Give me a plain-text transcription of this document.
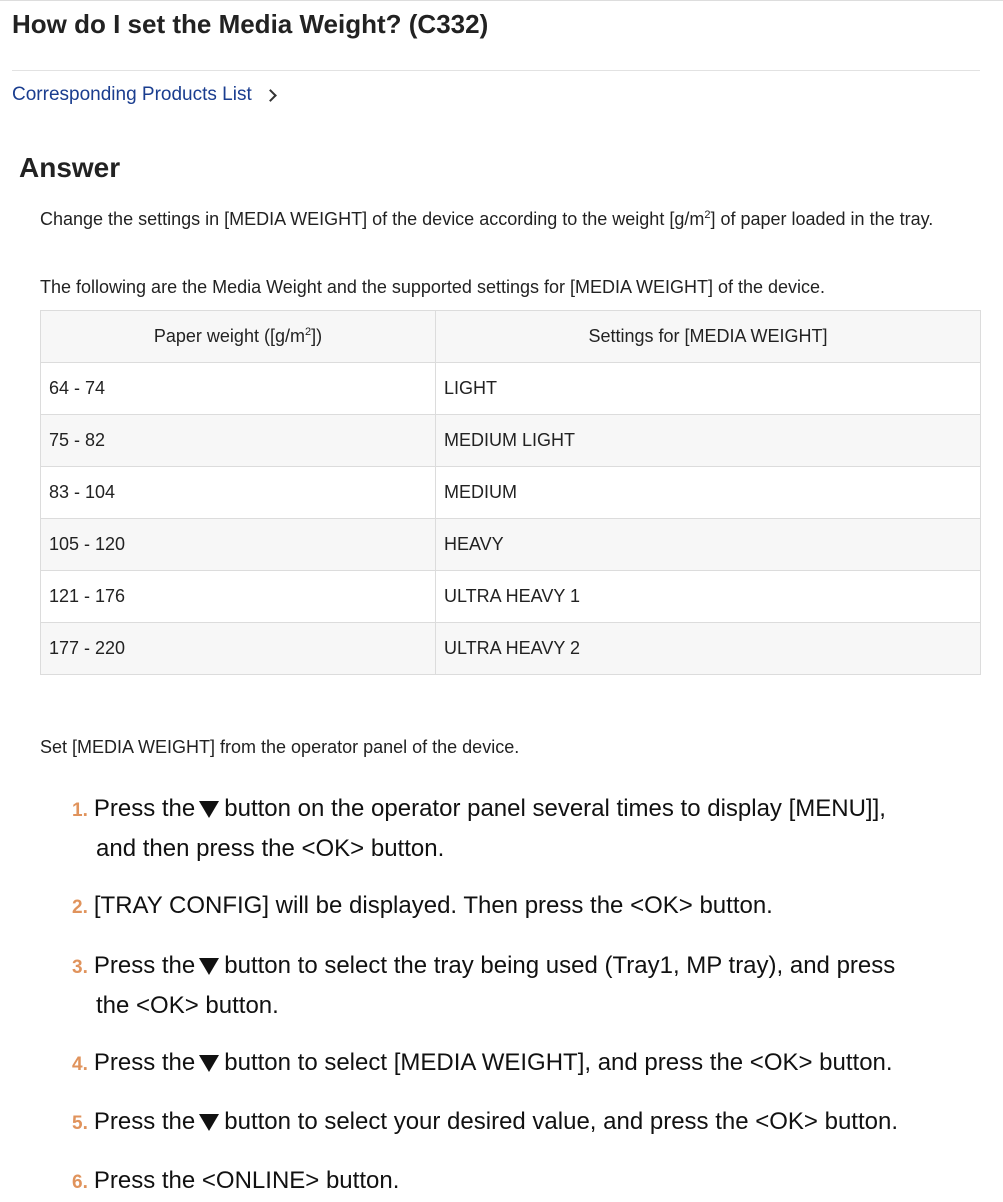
How do I set the Media Weight? (C332)
Corresponding Products List
Answer

Change the settings in [MEDIA WEIGHT] of the device according to the weight $[g/m^2]$ of paper loaded in the tray.

The following are the Media Weight and the supported settings for [MEDIA WEIGHT] of the device.

Paper weight $([g/m^2])$	Settings for [MEDIA WEIGHT]
64 - 74	LIGHT
75 - 82	MEDIUM LIGHT
83 - 104	MEDIUM
105 - 120	HEAVY
121 - 176	ULTRA HEAVY 1
177 - 220	ULTRA HEAVY 2

Set [MEDIA WEIGHT] from the operator panel of the device.

1. Press the button on the operator panel several times to display [MENU]],
and then press the <OK> button.
2. [TRAY CONFIG] will be displayed. Then press the <OK> button.
3. Press the button to select the tray being used (Tray1, MP tray), and press
the <OK> button.
4. Press the button to select [MEDIA WEIGHT], and press the <OK> button.
5. Press the button to select your desired value, and press the <OK> button.
6. Press the <ONLINE> button.
